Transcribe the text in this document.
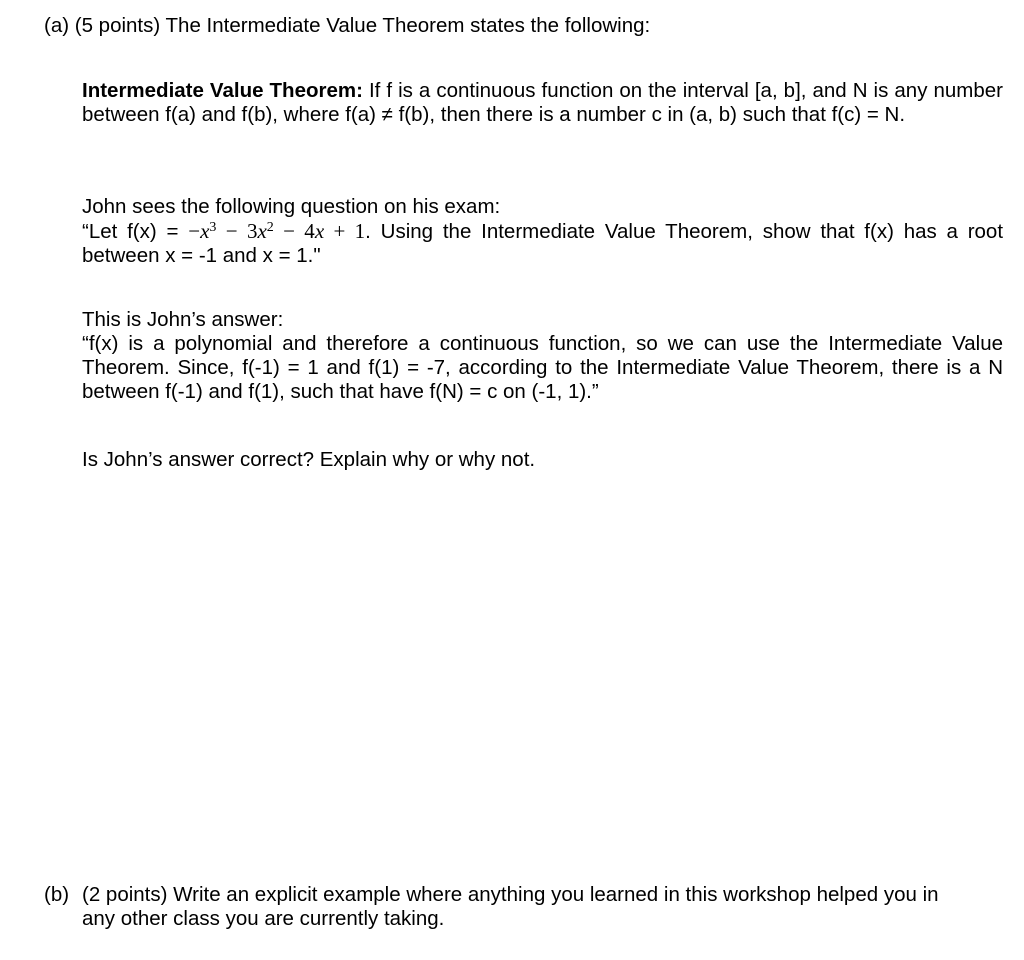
(a) (5 points) The Intermediate Value Theorem states the following:

Intermediate Value Theorem: If f is a continuous function on the interval [a, b], and N is any number between f(a) and f(b), where f(a) ≠ f(b), then there is a number c in (a, b) such that f(c) = N.

John sees the following question on his exam:
“Let $f(x) = -x^3 - 3x^2 - 4x + 1$. Using the Intermediate Value Theorem, show that f(x) has a root between x = -1 and x = 1."
This is John’s answer:
“f(x) is a polynomial and therefore a continuous function, so we can use the Intermediate Value Theorem. Since, f(-1) = 1 and f(1) = -7, according to the Intermediate Value Theorem, there is a N between f(-1) and f(1), such that have f(N) = c on (-1, 1).”
Is John’s answer correct? Explain why or why not.
(b) (2 points) Write an explicit example where anything you learned in this workshop helped you in
any other class you are currently taking.
